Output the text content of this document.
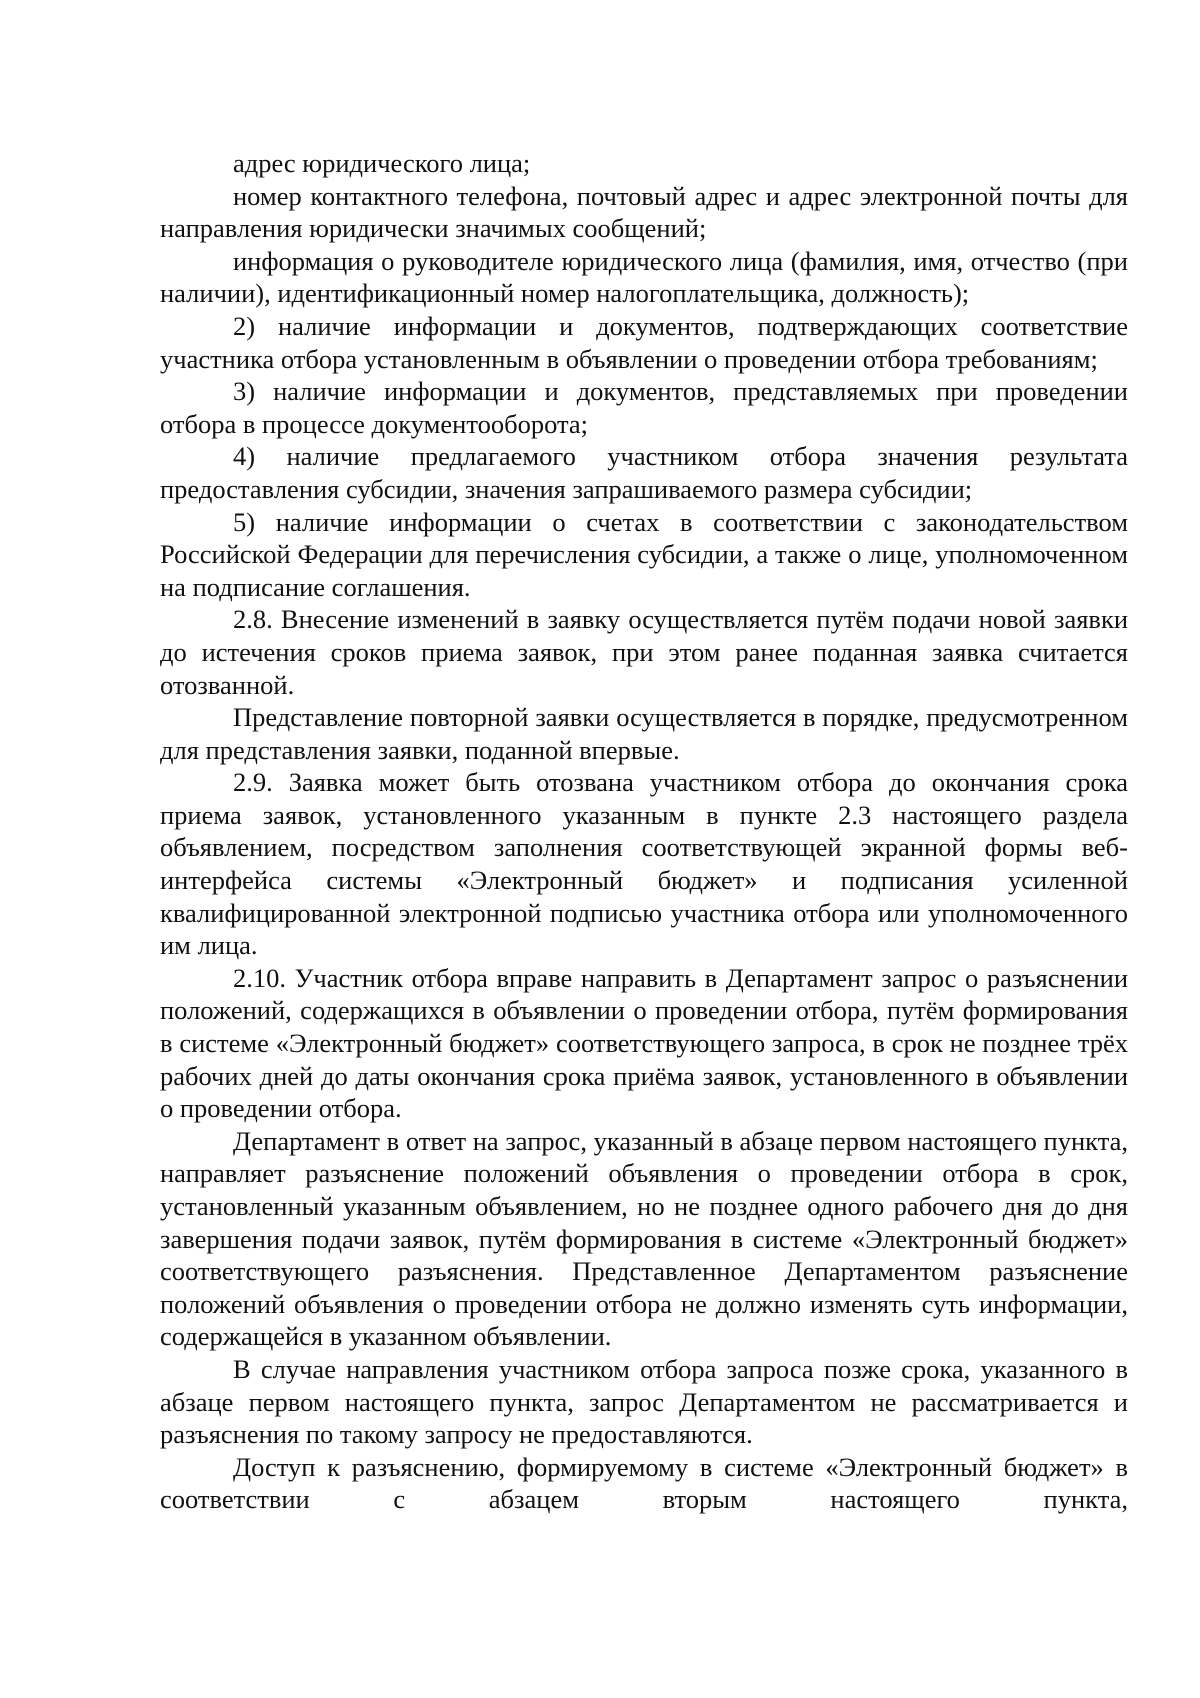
адрес юридического лица;

номер контактного телефона, почтовый адрес и адрес электронной почты для направления юридически значимых сообщений;

информация о руководителе юридического лица (фамилия, имя, отчество (при наличии), идентификационный номер налогоплательщика, должность);

2) наличие информации и документов, подтверждающих соответствие участника отбора установленным в объявлении о проведении отбора требованиям;

3) наличие информации и документов, представляемых при проведении отбора в процессе документооборота;

4) наличие предлагаемого участником отбора значения результата предоставления субсидии, значения запрашиваемого размера субсидии;

5) наличие информации о счетах в соответствии с законодательством Российской Федерации для перечисления субсидии, а также о лице, уполномоченном на подписание соглашения.

2.8. Внесение изменений в заявку осуществляется путём подачи новой заявки до истечения сроков приема заявок, при этом ранее поданная заявка считается отозванной.

Представление повторной заявки осуществляется в порядке, предусмотренном для представления заявки, поданной впервые.

2.9. Заявка может быть отозвана участником отбора до окончания срока приема заявок, установленного указанным в пункте 2.3 настоящего раздела объявлением, посредством заполнения соответствующей экранной формы веб-интерфейса системы «Электронный бюджет» и подписания усиленной квалифицированной электронной подписью участника отбора или уполномоченного им лица.

2.10. Участник отбора вправе направить в Департамент запрос о разъяснении положений, содержащихся в объявлении о проведении отбора, путём формирования в системе «Электронный бюджет» соответствующего запроса, в срок не позднее трёх рабочих дней до даты окончания срока приёма заявок, установленного в объявлении о проведении отбора.

Департамент в ответ на запрос, указанный в абзаце первом настоящего пункта, направляет разъяснение положений объявления о проведении отбора в срок, установленный указанным объявлением, но не позднее одного рабочего дня до дня завершения подачи заявок, путём формирования в системе «Электронный бюджет» соответствующего разъяснения. Представленное Департаментом разъяснение положений объявления о проведении отбора не должно изменять суть информации, содержащейся в указанном объявлении.

В случае направления участником отбора запроса позже срока, указанного в абзаце первом настоящего пункта, запрос Департаментом не рассматривается и разъяснения по такому запросу не предоставляются.

Доступ к разъяснению, формируемому в системе «Электронный бюджет» в соответствии с абзацем вторым настоящего пункта,
